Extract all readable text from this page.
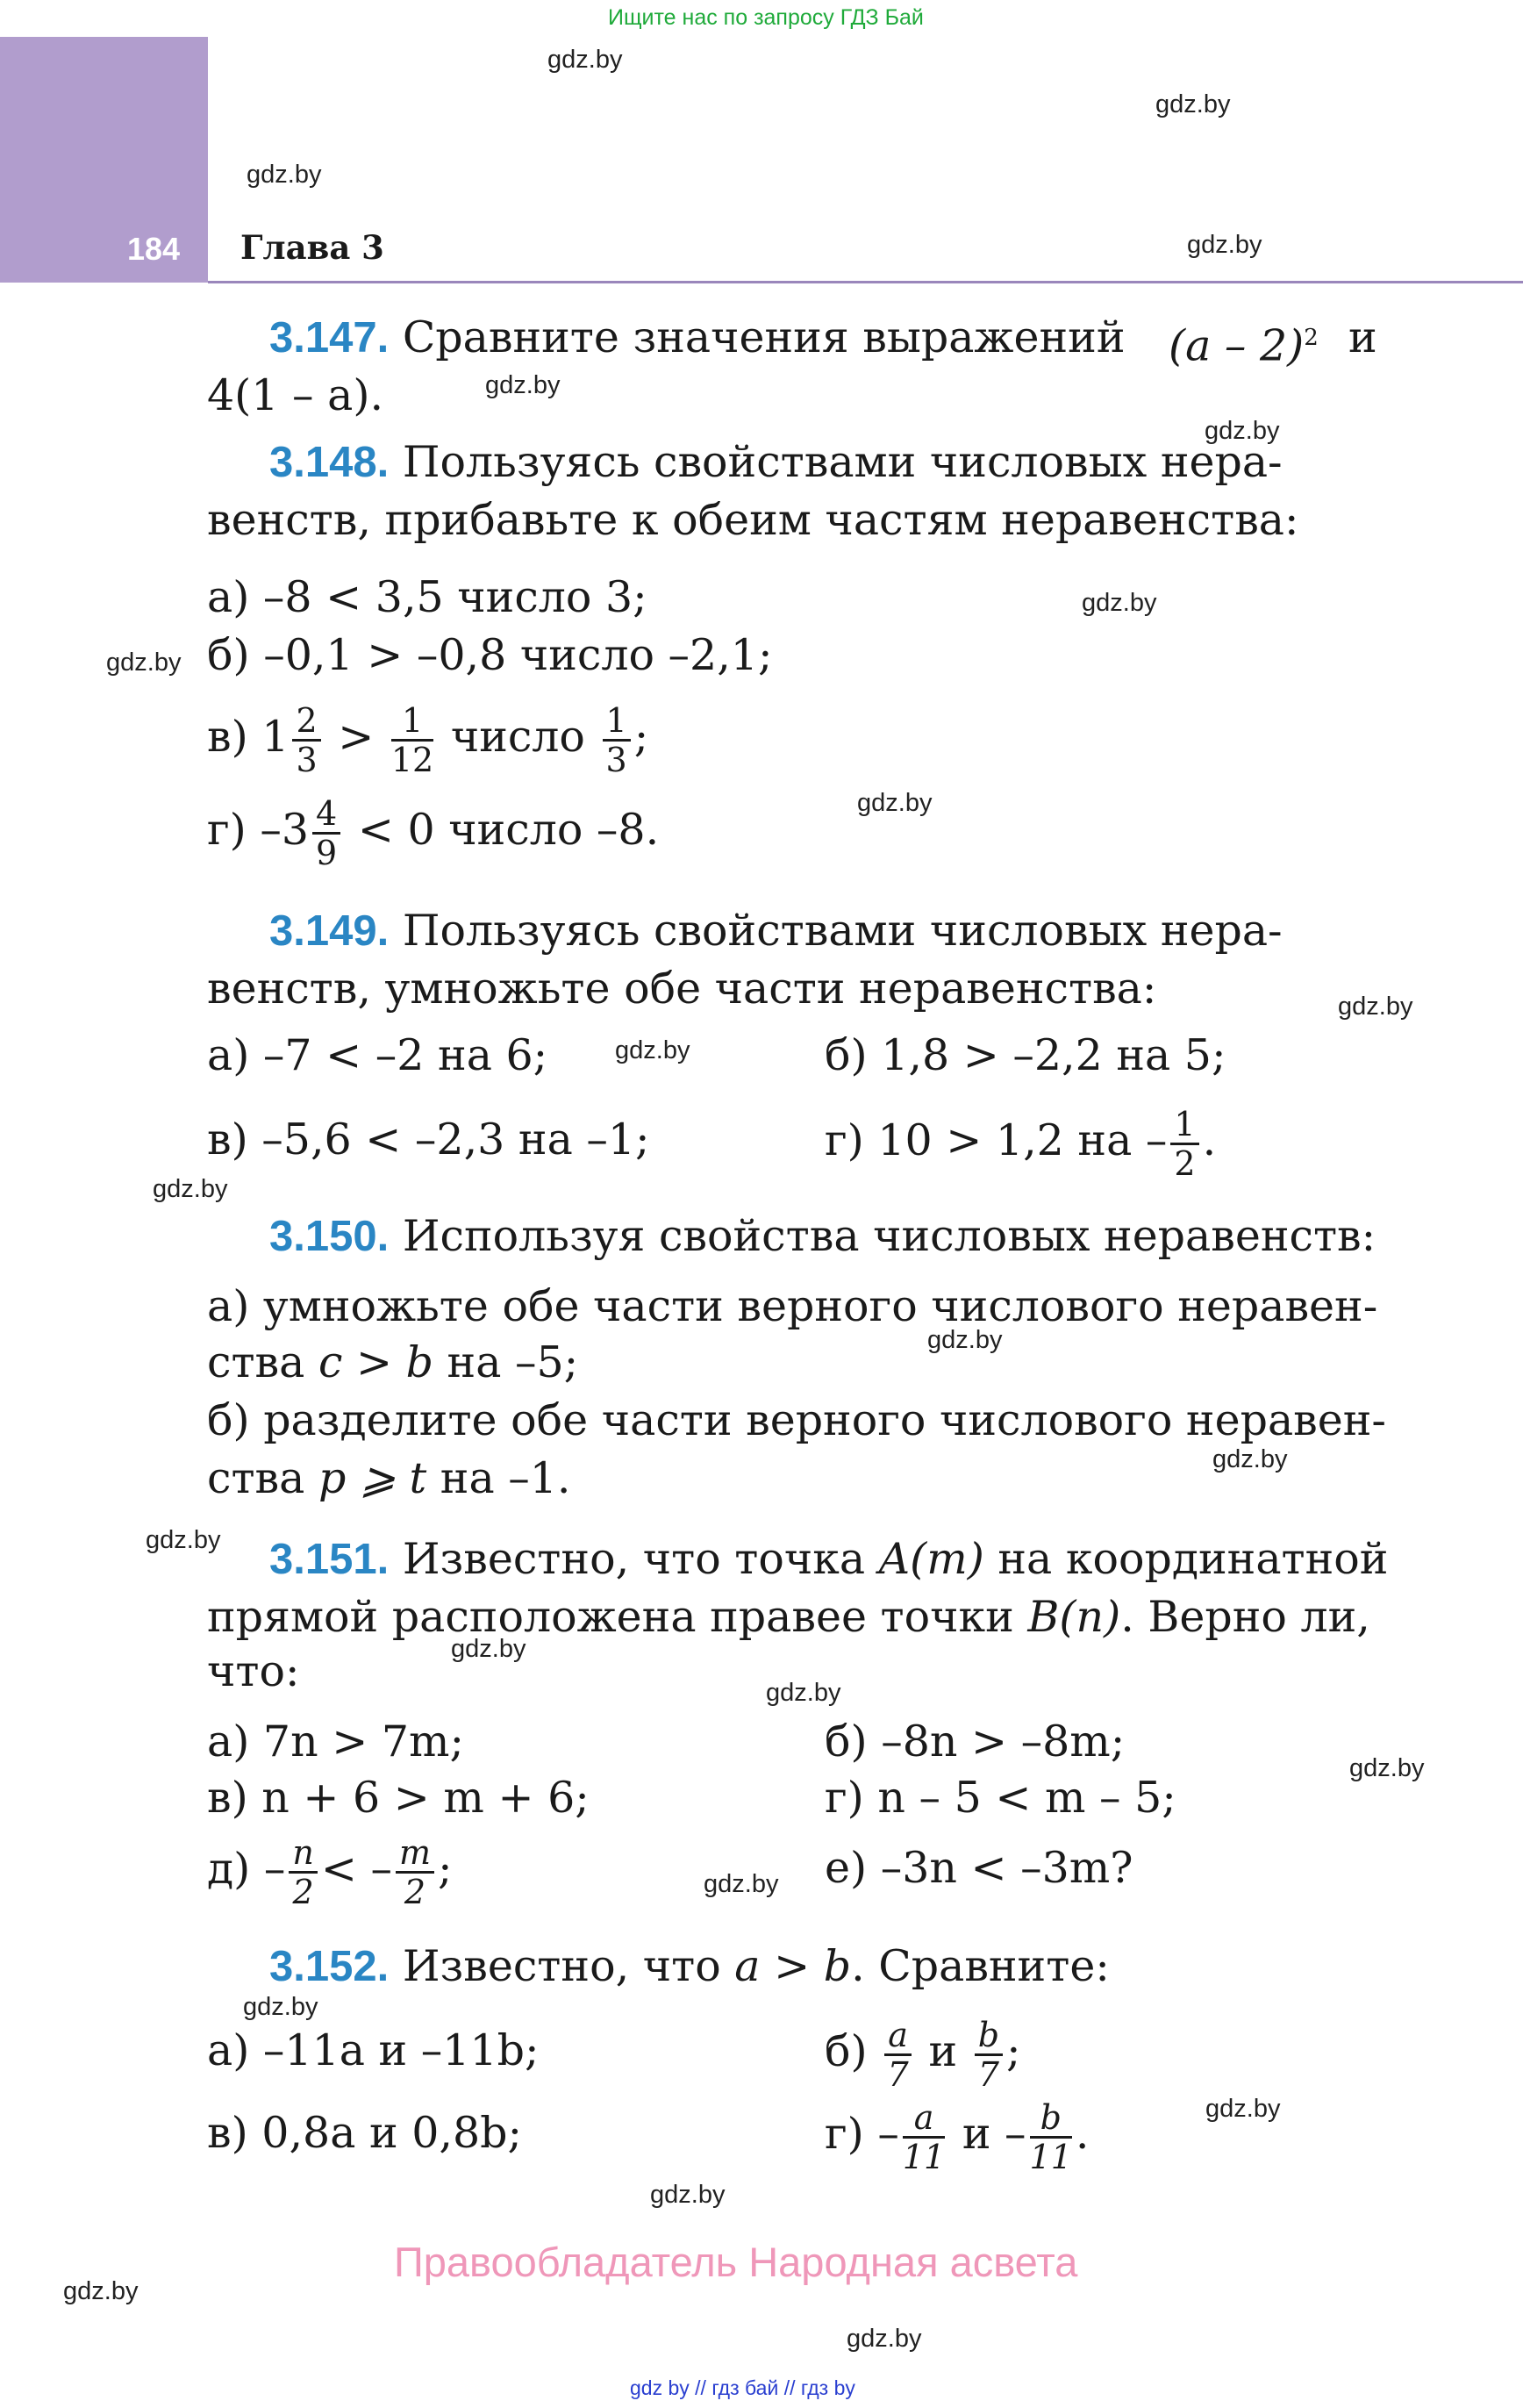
Ищите нас по запросу ГДЗ Бай
184 Глава 3
gdz.by
gdz.by
gdz.by
gdz.by
gdz.by
gdz.by
gdz.by
gdz.by
gdz.by
gdz.by
gdz.by
gdz.by
gdz.by
gdz.by
gdz.by
gdz.by
gdz.by
gdz.by
gdz.by
gdz.by
gdz.by
gdz.by
gdz.by
gdz.by
3.147. Сравните значения выражений (a – 2)$^2$ и
4(1 – a).
3.148. Пользуясь свойствами числовых нера-
венств, прибавьте к обеим частям неравенства:
а) –8 < 3,5 число 3;
б) –0,1 > –0,8 число –2,1;
в) $1 \frac{2}{3} > \frac{1}{12}$ число $\frac{1}{3}$ ;
г) $-3 \frac{4}{9} < 0$ число –8.
3.149. Пользуясь свойствами числовых нера-
венств, умножьте обе части неравенства:
а) –7 < –2 на 6;	б) 1,8 > –2,2 на 5;
в) –5,6 < –2,3 на –1;	г) 10 > 1,2 на – $\frac{1}{2}$ .
3.150. Используя свойства числовых неравенств:
а) умножьте обе части верного числового неравен-
ства c > b на –5;
б) разделите обе части верного числового неравен-
ства p ⩾ t на –1.
3.151. Известно, что точка A(m) на координатной
прямой расположена правее точки B(n). Верно ли,
что:
а) 7n > 7m;	б) –8n > –8m;
в) n + 6 > m + 6;	г) n – 5 < m – 5;
$д) - \frac{n}{2}$ < – $\frac{m}{2}$ ;	е) –3n < –3m?
3.152. Известно, что a > b. Сравните:
а) –11a и –11b;	$б) \frac{a}{7}$ и $\frac{b}{7}$ ;
в) 0,8a и 0,8b;	$г) - \frac{a}{11}$ и – $\frac{b}{11}$ .
Правообладатель Народная асвета
gdz by // гдз бай // гдз by
